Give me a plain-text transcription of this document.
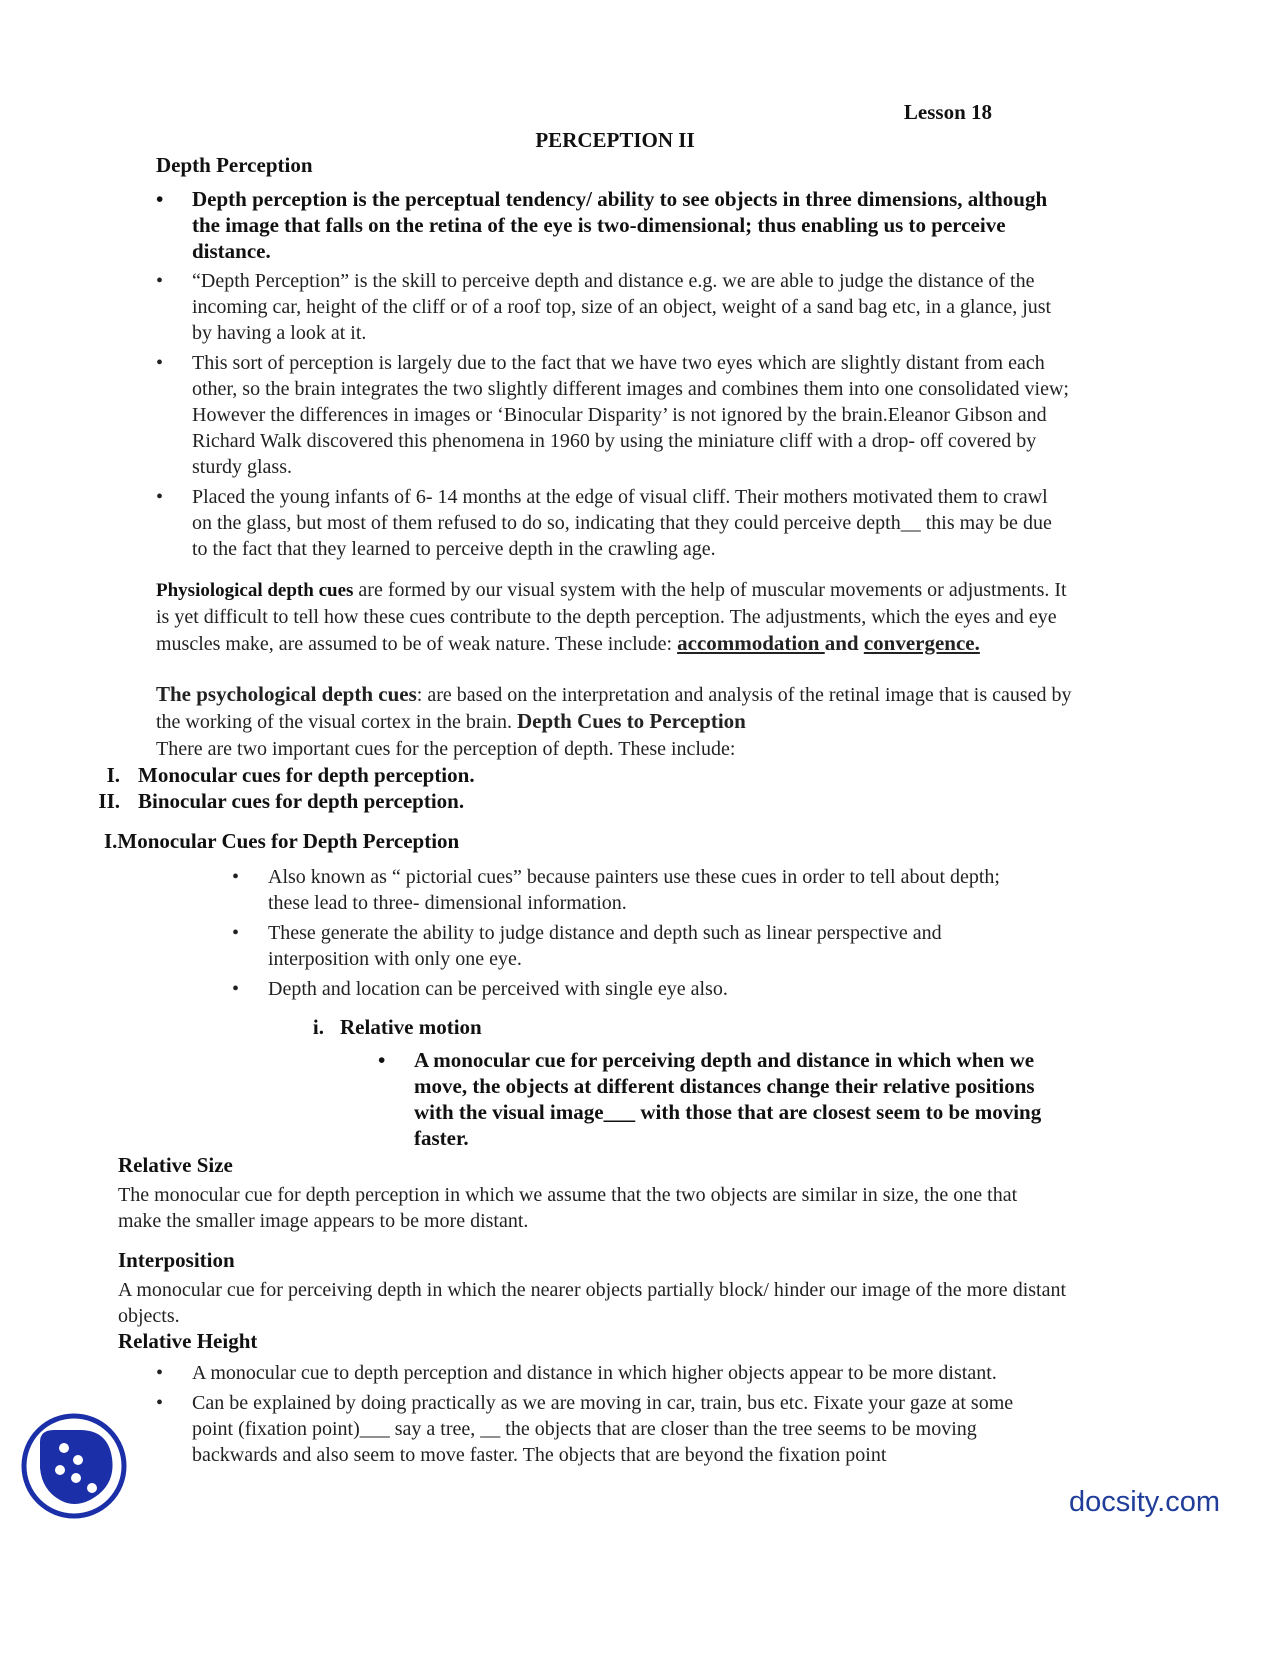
Lesson 18
PERCEPTION II
Depth Perception
•	Depth perception is the perceptual tendency/ ability to see objects in three dimensions, although the image that falls on the retina of the eye is two-dimensional; thus enabling us to perceive distance.
•	“Depth Perception” is the skill to perceive depth and distance e.g. we are able to judge the distance of the incoming car, height of the cliff or of a roof top, size of an object, weight of a sand bag etc, in a glance, just by having a look at it.
•	This sort of perception is largely due to the fact that we have two eyes which are slightly distant from each other, so the brain integrates the two slightly different images and combines them into one consolidated view; However the differences in images or ‘Binocular Disparity’ is not ignored by the brain.Eleanor Gibson and Richard Walk discovered this phenomena in 1960 by using the miniature cliff with a drop- off covered by sturdy glass.
•	Placed the young infants of 6- 14 months at the edge of visual cliff. Their mothers motivated them to crawl on the glass, but most of them refused to do so, indicating that they could perceive depth__ this may be due to the fact that they learned to perceive depth in the crawling age.
Physiological depth cues are formed by our visual system with the help of muscular movements or adjustments. It is yet difficult to tell how these cues contribute to the depth perception. The adjustments, which the eyes and eye muscles make, are assumed to be of weak nature. These include: accommodation and convergence.
The psychological depth cues: are based on the interpretation and analysis of the retinal image that is caused by the working of the visual cortex in the brain. Depth Cues to Perception
There are two important cues for the perception of depth. These include:
I. Monocular cues for depth perception.
II. Binocular cues for depth perception.
I.Monocular Cues for Depth Perception
•	Also known as “ pictorial cues” because painters use these cues in order to tell about depth; these lead to three- dimensional information.
•	These generate the ability to judge distance and depth such as linear perspective and interposition with only one eye.
•	Depth and location can be perceived with single eye also.
i. Relative motion
•	A monocular cue for perceiving depth and distance in which when we move, the objects at different distances change their relative positions with the visual image___ with those that are closest seem to be moving faster.
Relative Size
The monocular cue for depth perception in which we assume that the two objects are similar in size, the one that make the smaller image appears to be more distant.
Interposition
A monocular cue for perceiving depth in which the nearer objects partially block/ hinder our image of the more distant objects.
Relative Height
•	A monocular cue to depth perception and distance in which higher objects appear to be more distant.
•	Can be explained by doing practically as we are moving in car, train, bus etc. Fixate your gaze at some point (fixation point)___ say a tree, __ the objects that are closer than the tree seems to be moving backwards and also seem to move faster. The objects that are beyond the fixation point
docsity.com
